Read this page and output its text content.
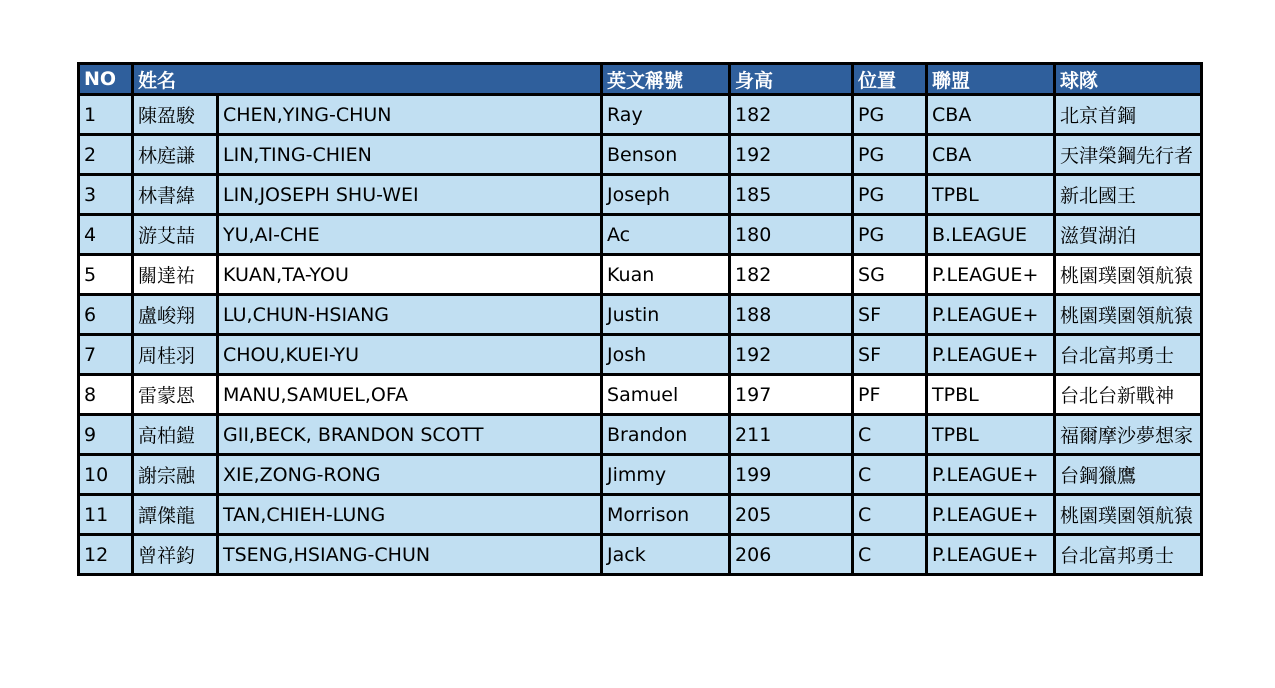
NO	姓名		英文稱號	身高	位置	聯盟	球隊
1	陳盈駿	CHEN,YING-CHUN	Ray	182	PG	CBA	北京首鋼
2	林庭謙	LIN,TING-CHIEN	Benson	192	PG	CBA	天津榮鋼先行者
3	林書緯	LIN,JOSEPH SHU-WEI	Joseph	185	PG	TPBL	新北國王
4	游艾喆	YU,AI-CHE	Ac	180	PG	B.LEAGUE	滋賀湖泊
5	關達祐	KUAN,TA-YOU	Kuan	182	SG	P.LEAGUE+	桃園璞園領航猿
6	盧峻翔	LU,CHUN-HSIANG	Justin	188	SF	P.LEAGUE+	桃園璞園領航猿
7	周桂羽	CHOU,KUEI-YU	Josh	192	SF	P.LEAGUE+	台北富邦勇士
8	雷蒙恩	MANU,SAMUEL,OFA	Samuel	197	PF	TPBL	台北台新戰神
9	高柏鎧	GII,BECK, BRANDON SCOTT	Brandon	211	C	TPBL	福爾摩沙夢想家
10	謝宗融	XIE,ZONG-RONG	Jimmy	199	C	P.LEAGUE+	台鋼獵鷹
11	譚傑龍	TAN,CHIEH-LUNG	Morrison	205	C	P.LEAGUE+	桃園璞園領航猿
12	曾祥鈞	TSENG,HSIANG-CHUN	Jack	206	C	P.LEAGUE+	台北富邦勇士
